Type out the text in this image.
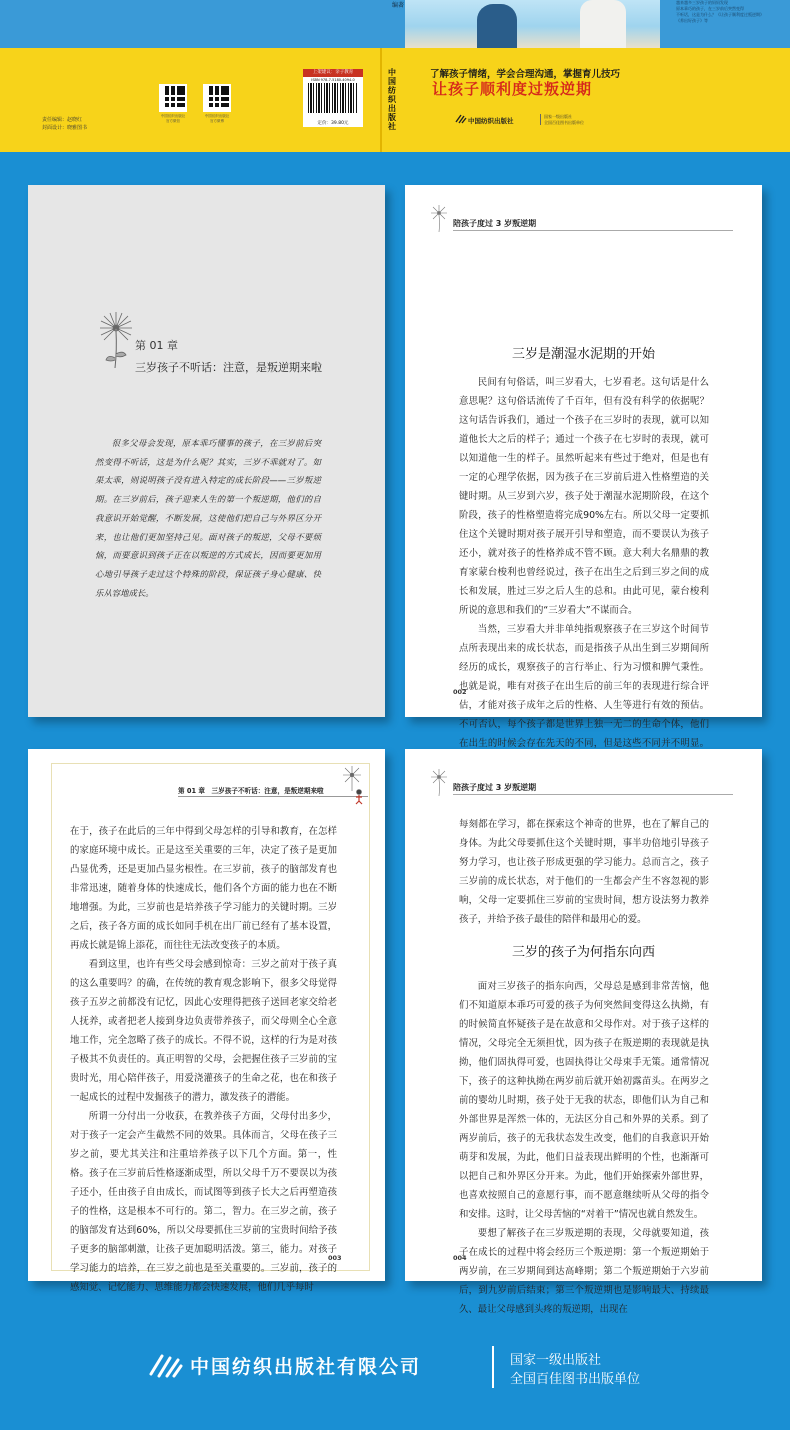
编著	越来越多三岁孩子的妈妈发现
原本乖巧的孩子，在三岁前后突然变得
不听话，这是为什么？《让孩子顺利度过叛逆期》
《养出好孩子》等
中国纺织出版社
官方微信
中国纺织出版社
官方微博
责任编辑：赵晓红
封面设计：晓雅图书
上架建议：亲子教育
ISBN 978-7-5180-4094-0
定价：39.80元
中国纺织出版社
了解孩子情绪，学会合理沟通，掌握育儿技巧
让孩子顺利度过叛逆期
中国纺织出版社
国家一级出版社
全国百佳图书出版单位
第 01 章
三岁孩子不听话：注意，是叛逆期来啦
很多父母会发现，原本乖巧懂事的孩子，在三岁前后突然变得不听话，这是为什么呢？其实，三岁不乖就对了。如果太乖，则说明孩子没有进入特定的成长阶段——三岁叛逆期。在三岁前后，孩子迎来人生的第一个叛逆期，他们的自我意识开始觉醒，不断发展，这使他们把自己与外界区分开来，也让他们更加坚持己见。面对孩子的叛逆，父母不要烦恼，而要意识到孩子正在以叛逆的方式成长，因而要更加用心地引导孩子走过这个特殊的阶段，保证孩子身心健康、快乐从容地成长。
陪孩子度过 3 岁叛逆期
三岁是潮湿水泥期的开始

民间有句俗话，叫三岁看大，七岁看老。这句话是什么意思呢？这句俗话流传了千百年，但有没有科学的依据呢？这句话告诉我们，通过一个孩子在三岁时的表现，就可以知道他长大之后的样子；通过一个孩子在七岁时的表现，就可以知道他一生的样子。虽然听起来有些过于绝对，但是也有一定的心理学依据，因为孩子在三岁前后进入性格塑造的关键时期。从三岁到六岁，孩子处于潮湿水泥期阶段，在这个阶段，孩子的性格塑造将完成90%左右。所以父母一定要抓住这个关键时期对孩子展开引导和塑造，而不要误认为孩子还小，就对孩子的性格养成不管不顾。意大利大名鼎鼎的教育家蒙台梭利也曾经说过，孩子在出生之后到三岁之间的成长和发展，胜过三岁之后人生的总和。由此可见，蒙台梭利所说的意思和我们的“三岁看大”不谋而合。

当然，三岁看大并非单纯指观察孩子在三岁这个时间节点所表现出来的成长状态，而是指孩子从出生到三岁期间所经历的成长，观察孩子的言行举止、行为习惯和脾气秉性。也就是说，唯有对孩子在出生后的前三年的表现进行综合评估，才能对孩子成年之后的性格、人生等进行有效的预估。不可否认，每个孩子都是世界上独一无二的生命个体，他们在出生的时候会存在先天的不同，但是这些不同并不明显。

002
第 01 章　三岁孩子不听话：注意，是叛逆期来啦

在于，孩子在此后的三年中得到父母怎样的引导和教育，在怎样的家庭环境中成长。正是这至关重要的三年，决定了孩子是更加凸显优秀，还是更加凸显劣根性。在三岁前，孩子的脑部发育也非常迅速，随着身体的快速成长，他们各个方面的能力也在不断地增强。为此，三岁前也是培养孩子学习能力的关键时期。三岁之后，孩子各方面的成长如同手机在出厂前已经有了基本设置，再成长就是锦上添花，而往往无法改变孩子的本质。

看到这里，也许有些父母会感到惊奇：三岁之前对于孩子真的这么重要吗？的确，在传统的教育观念影响下，很多父母觉得孩子五岁之前都没有记忆，因此心安理得把孩子送回老家交给老人抚养，或者把老人接到身边负责带养孩子，而父母则全心全意地工作，完全忽略了孩子的成长。不得不说，这样的行为是对孩子极其不负责任的。真正明智的父母，会把握住孩子三岁前的宝贵时光，用心陪伴孩子，用爱浇灌孩子的生命之花，也在和孩子一起成长的过程中发掘孩子的潜力，激发孩子的潜能。

所谓一分付出一分收获，在教养孩子方面，父母付出多少，对于孩子一定会产生截然不同的效果。具体而言，父母在孩子三岁之前，要尤其关注和注重培养孩子以下几个方面。第一，性格。孩子在三岁前后性格逐渐成型，所以父母千万不要误以为孩子还小，任由孩子自由成长，而试图等到孩子长大之后再塑造孩子的性格，这是根本不可行的。第二，智力。在三岁之前，孩子的脑部发育达到60%，所以父母要抓住三岁前的宝贵时间给予孩子更多的脑部刺激，让孩子更加聪明活泼。第三，能力。对孩子学习能力的培养，在三岁之前也是至关重要的。三岁前，孩子的感知觉、记忆能力、思维能力都会快速发展，他们几乎每时

003
陪孩子度过 3 岁叛逆期

每刻都在学习，都在探索这个神奇的世界，也在了解自己的身体。为此父母要抓住这个关键时期，事半功倍地引导孩子努力学习，也让孩子形成更强的学习能力。总而言之，孩子三岁前的成长状态，对于他们的一生都会产生不容忽视的影响，父母一定要抓住三岁前的宝贵时间，想方设法努力教养孩子，并给予孩子最佳的陪伴和最用心的爱。

三岁的孩子为何指东向西

面对三岁孩子的指东向西，父母总是感到非常苦恼，他们不知道原本乖巧可爱的孩子为何突然间变得这么执拗，有的时候简直怀疑孩子是在故意和父母作对。对于孩子这样的情况，父母完全无须担忧，因为孩子在叛逆期的表现就是执拗，他们固执得可爱，也固执得让父母束手无策。通常情况下，孩子的这种执拗在两岁前后就开始初露苗头。在两岁之前的婴幼儿时期，孩子处于无我的状态，即他们认为自己和外部世界是浑然一体的，无法区分自己和外界的关系。到了两岁前后，孩子的无我状态发生改变，他们的自我意识开始萌芽和发展，为此，他们日益表现出鲜明的个性，也渐渐可以把自己和外界区分开来。为此，他们开始探索外部世界，也喜欢按照自己的意愿行事，而不愿意继续听从父母的指令和安排。这时，让父母苦恼的“对着干”情况也就自然发生。

要想了解孩子在三岁叛逆期的表现，父母就要知道，孩子在成长的过程中将会经历三个叛逆期：第一个叛逆期始于两岁前，在三岁期间到达高峰期；第二个叛逆期始于六岁前后，到九岁前后结束；第三个叛逆期也是影响最大、持续最久、最让父母感到头疼的叛逆期，出现在

004
中国纺织出版社有限公司	国家一级出版社
全国百佳图书出版单位
